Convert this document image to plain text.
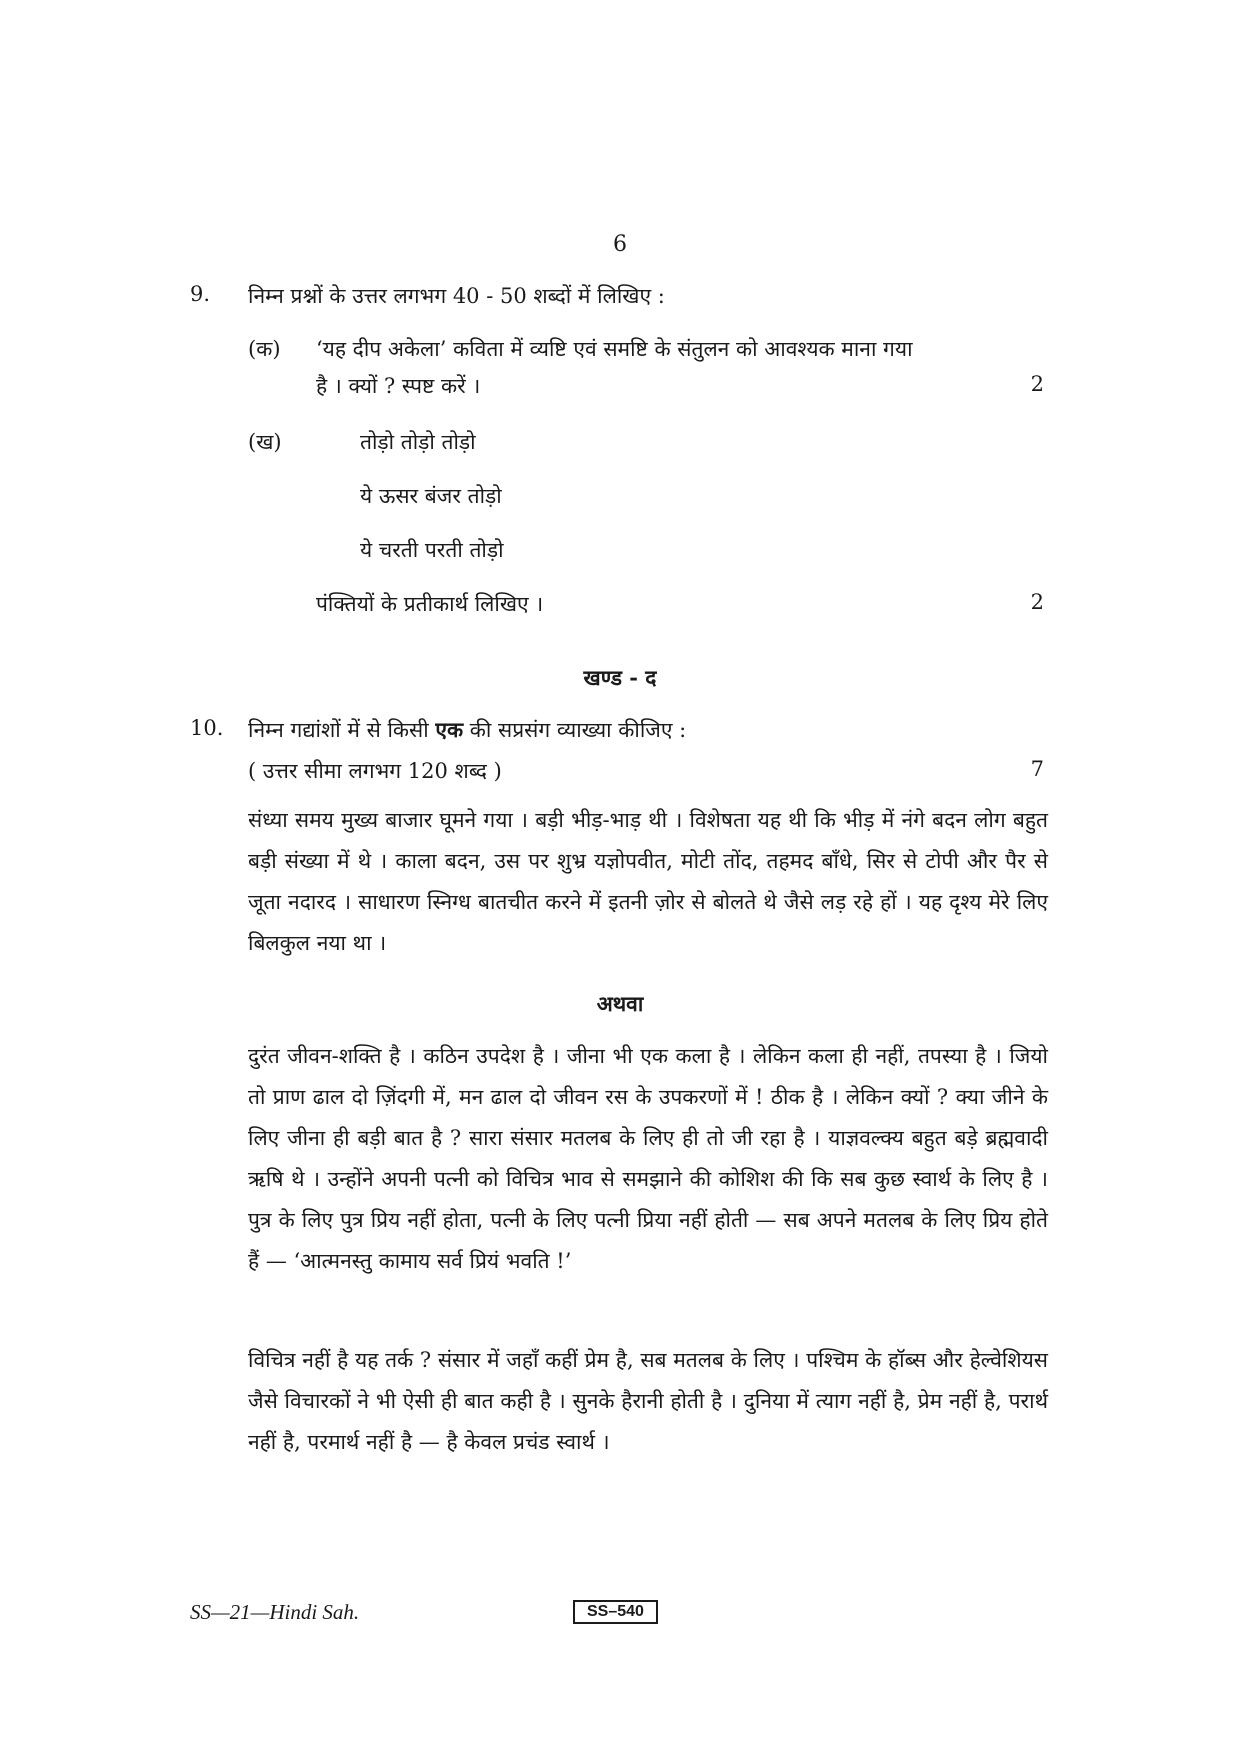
6
9. निम्न प्रश्नों के उत्तर लगभग 40 - 50 शब्दों में लिखिए :
(क) ‘यह दीप अकेला’ कविता में व्यष्टि एवं समष्टि के संतुलन को आवश्यक माना गया
है । क्यों ? स्पष्ट करें ।	2
(ख)	तोड़ो तोड़ो तोड़ो
ये ऊसर बंजर तोड़ो
ये चरती परती तोड़ो
पंक्तियों के प्रतीकार्थ लिखिए ।	2
खण्ड - द
10. निम्न गद्यांशों में से किसी एक की सप्रसंग व्याख्या कीजिए :
( उत्तर सीमा लगभग 120 शब्द )	7
संध्या समय मुख्य बाजार घूमने गया । बड़ी भीड़-भाड़ थी । विशेषता यह थी कि भीड़ में नंगे बदन लोग बहुत बड़ी संख्या में थे । काला बदन, उस पर शुभ्र यज्ञोपवीत, मोटी तोंद, तहमद बाँधे, सिर से टोपी और पैर से जूता नदारद । साधारण स्निग्ध बातचीत करने में इतनी ज़ोर से बोलते थे जैसे लड़ रहे हों । यह दृश्य मेरे लिए बिलकुल नया था ।
अथवा
दुरंत जीवन-शक्ति है । कठिन उपदेश है । जीना भी एक कला है । लेकिन कला ही नहीं, तपस्या है । जियो तो प्राण ढाल दो ज़िंदगी में, मन ढाल दो जीवन रस के उपकरणों में ! ठीक है । लेकिन क्यों ? क्या जीने के लिए जीना ही बड़ी बात है ? सारा संसार मतलब के लिए ही तो जी रहा है । याज्ञवल्क्य बहुत बड़े ब्रह्मवादी ऋषि थे । उन्होंने अपनी पत्नी को विचित्र भाव से समझाने की कोशिश की कि सब कुछ स्वार्थ के लिए है । पुत्र के लिए पुत्र प्रिय नहीं होता, पत्नी के लिए पत्नी प्रिया नहीं होती — सब अपने मतलब के लिए प्रिय होते हैं — ‘आत्मनस्तु कामाय सर्व प्रियं भवति !’
विचित्र नहीं है यह तर्क ? संसार में जहाँ कहीं प्रेम है, सब मतलब के लिए । पश्चिम के हॉब्स और हेल्वेशियस जैसे विचारकों ने भी ऐसी ही बात कही है । सुनके हैरानी होती है । दुनिया में त्याग नहीं है, प्रेम नहीं है, परार्थ नहीं है, परमार्थ नहीं है — है केवल प्रचंड स्वार्थ ।
SS—21—Hindi Sah.	SS–540
